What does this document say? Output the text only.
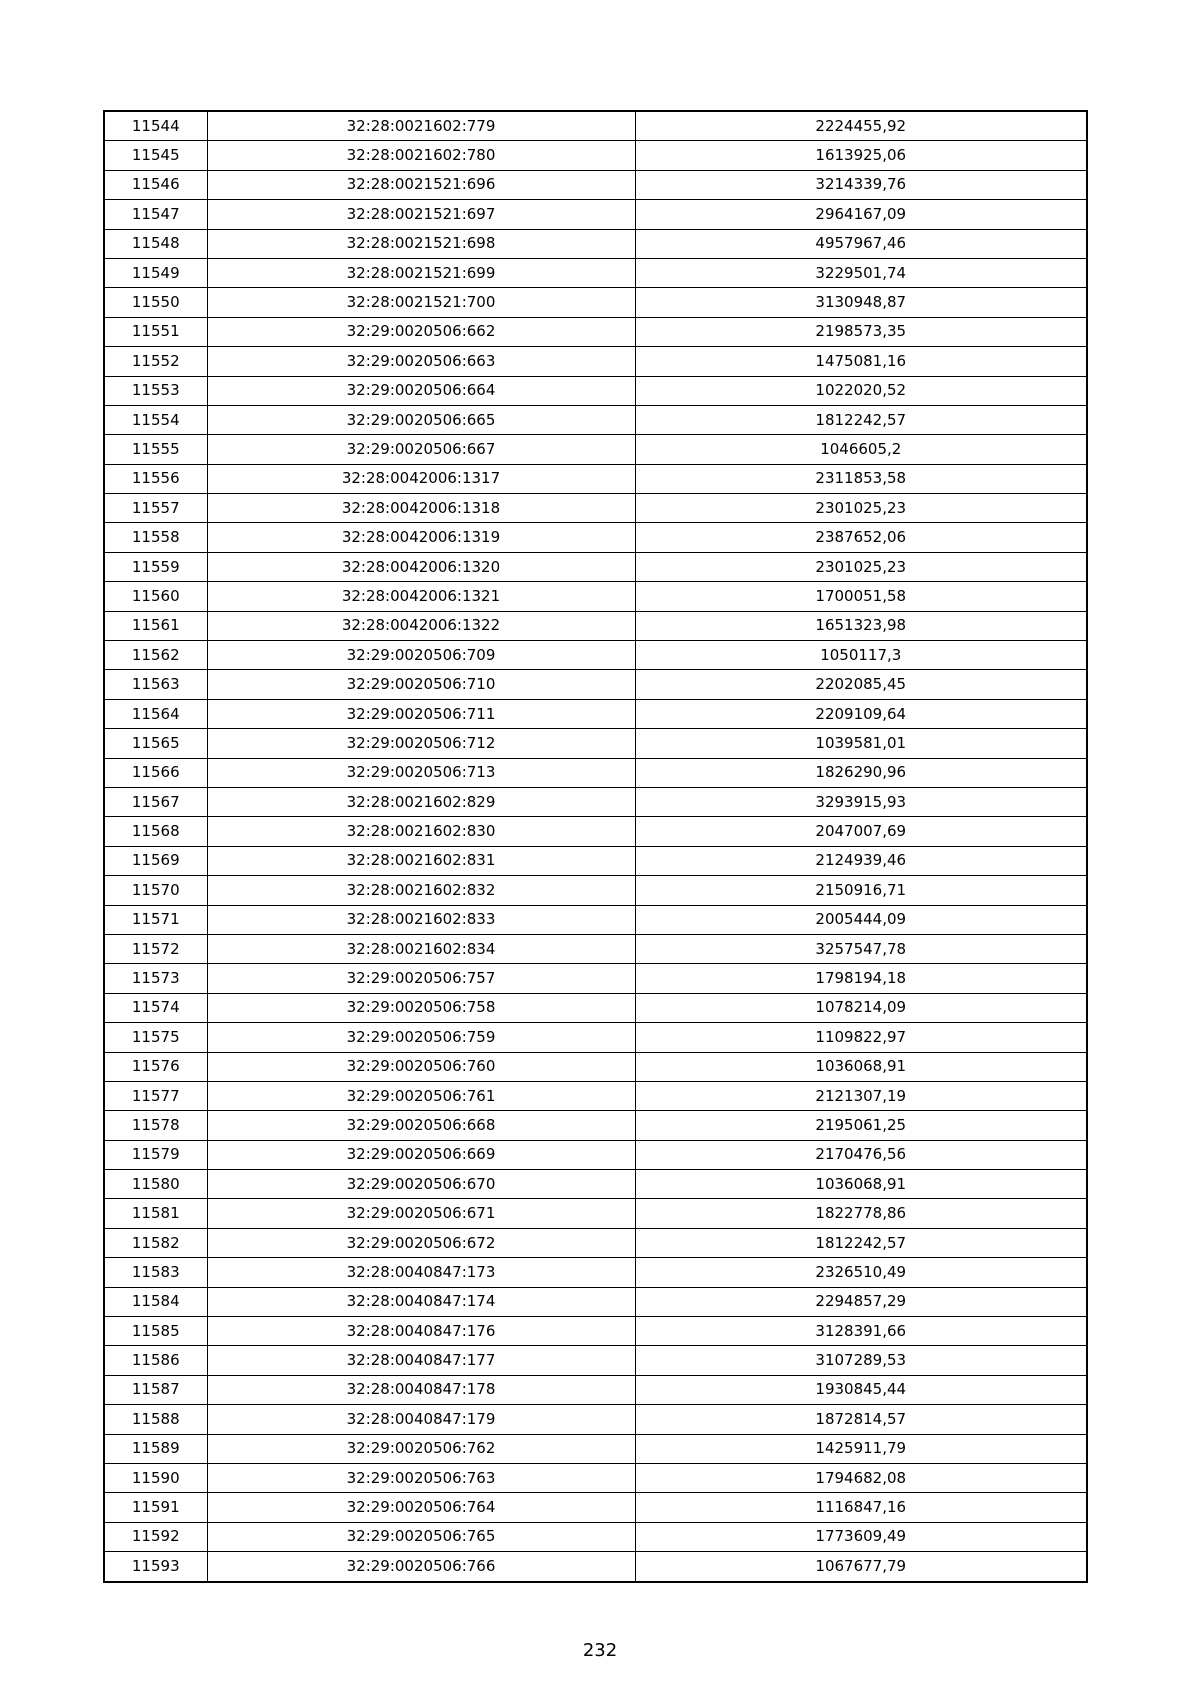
11544	32:28:0021602:779	2224455,92
11545	32:28:0021602:780	1613925,06
11546	32:28:0021521:696	3214339,76
11547	32:28:0021521:697	2964167,09
11548	32:28:0021521:698	4957967,46
11549	32:28:0021521:699	3229501,74
11550	32:28:0021521:700	3130948,87
11551	32:29:0020506:662	2198573,35
11552	32:29:0020506:663	1475081,16
11553	32:29:0020506:664	1022020,52
11554	32:29:0020506:665	1812242,57
11555	32:29:0020506:667	1046605,2
11556	32:28:0042006:1317	2311853,58
11557	32:28:0042006:1318	2301025,23
11558	32:28:0042006:1319	2387652,06
11559	32:28:0042006:1320	2301025,23
11560	32:28:0042006:1321	1700051,58
11561	32:28:0042006:1322	1651323,98
11562	32:29:0020506:709	1050117,3
11563	32:29:0020506:710	2202085,45
11564	32:29:0020506:711	2209109,64
11565	32:29:0020506:712	1039581,01
11566	32:29:0020506:713	1826290,96
11567	32:28:0021602:829	3293915,93
11568	32:28:0021602:830	2047007,69
11569	32:28:0021602:831	2124939,46
11570	32:28:0021602:832	2150916,71
11571	32:28:0021602:833	2005444,09
11572	32:28:0021602:834	3257547,78
11573	32:29:0020506:757	1798194,18
11574	32:29:0020506:758	1078214,09
11575	32:29:0020506:759	1109822,97
11576	32:29:0020506:760	1036068,91
11577	32:29:0020506:761	2121307,19
11578	32:29:0020506:668	2195061,25
11579	32:29:0020506:669	2170476,56
11580	32:29:0020506:670	1036068,91
11581	32:29:0020506:671	1822778,86
11582	32:29:0020506:672	1812242,57
11583	32:28:0040847:173	2326510,49
11584	32:28:0040847:174	2294857,29
11585	32:28:0040847:176	3128391,66
11586	32:28:0040847:177	3107289,53
11587	32:28:0040847:178	1930845,44
11588	32:28:0040847:179	1872814,57
11589	32:29:0020506:762	1425911,79
11590	32:29:0020506:763	1794682,08
11591	32:29:0020506:764	1116847,16
11592	32:29:0020506:765	1773609,49
11593	32:29:0020506:766	1067677,79
232
